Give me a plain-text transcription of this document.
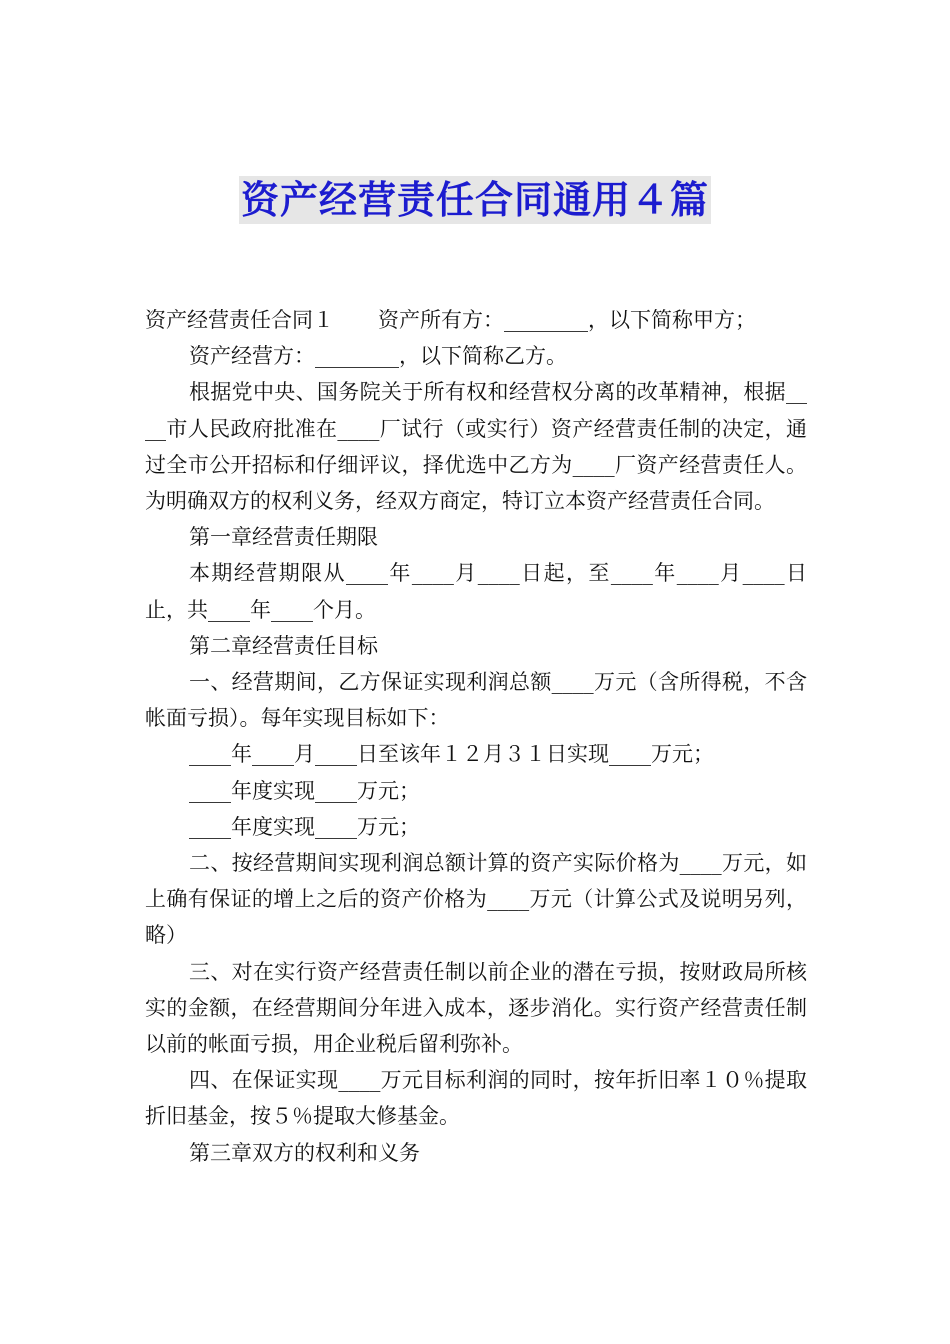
资产经营责任合同通用４篇

资产经营责任合同１ 资产所有方：________，以下简称甲方；

资产经营方：________，以下简称乙方。

根据党中央、国务院关于所有权和经营权分离的改革精神，根据____市人民政府批准在____厂试行（或实行）资产经营责任制的决定，通过全市公开招标和仔细评议，择优选中乙方为____厂资产经营责任人。为明确双方的权利义务，经双方商定，特订立本资产经营责任合同。

第一章经营责任期限

本期经营期限从____年____月____日起，至____年____月____日止，共____年____个月。

第二章经营责任目标

一、经营期间，乙方保证实现利润总额____万元（含所得税，不含帐面亏损）。每年实现目标如下：

____年____月____日至该年１２月３１日实现____万元；

____年度实现____万元；

____年度实现____万元；

二、按经营期间实现利润总额计算的资产实际价格为____万元，如上确有保证的增上之后的资产价格为____万元（计算公式及说明另列，略）

三、对在实行资产经营责任制以前企业的潜在亏损，按财政局所核实的金额，在经营期间分年进入成本，逐步消化。实行资产经营责任制以前的帐面亏损，用企业税后留利弥补。

四、在保证实现____万元目标利润的同时，按年折旧率１０％提取折旧基金，按５％提取大修基金。

第三章双方的权利和义务
